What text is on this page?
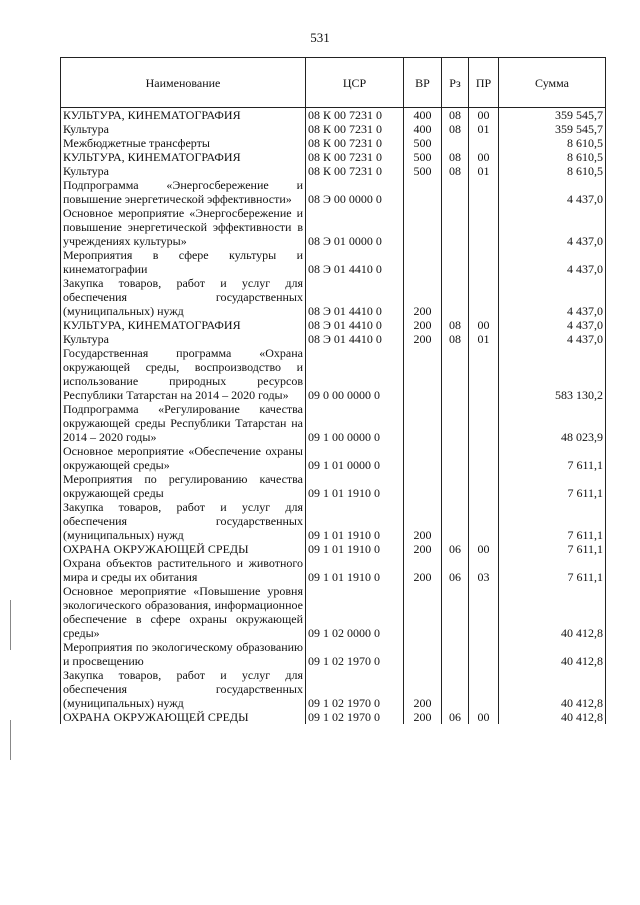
531
Наименование	ЦСР	ВР	Рз	ПР	Сумма
КУЛЬТУРА, КИНЕМАТОГРАФИЯ	08 К 00 7231 0	400	08	00	359 545,7
Культура	08 К 00 7231 0	400	08	01	359 545,7
Межбюджетные трансферты	08 К 00 7231 0	500			8 610,5
КУЛЬТУРА, КИНЕМАТОГРАФИЯ	08 К 00 7231 0	500	08	00	8 610,5
Культура	08 К 00 7231 0	500	08	01	8 610,5
Подпрограмма «Энергосбережение и повышение энергетической эффективности»	08 Э 00 0000 0				4 437,0
Основное мероприятие «Энергосбережение и повышение энергетической эффективности в учреждениях культуры»	08 Э 01 0000 0				4 437,0
Мероприятия в сфере культуры и кинематографии	08 Э 01 4410 0				4 437,0
Закупка товаров, работ и услуг для обеспечения государственных (муниципальных) нужд	08 Э 01 4410 0	200			4 437,0
КУЛЬТУРА, КИНЕМАТОГРАФИЯ	08 Э 01 4410 0	200	08	00	4 437,0
Культура	08 Э 01 4410 0	200	08	01	4 437,0
Государственная программа «Охрана окружающей среды, воспроизводство и использование природных ресурсов Республики Татарстан на 2014 – 2020 годы»	09 0 00 0000 0				583 130,2
Подпрограмма «Регулирование качества окружающей среды Республики Татарстан на 2014 – 2020 годы»	09 1 00 0000 0				48 023,9
Основное мероприятие «Обеспечение охраны окружающей среды»	09 1 01 0000 0				7 611,1
Мероприятия по регулированию качества окружающей среды	09 1 01 1910 0				7 611,1
Закупка товаров, работ и услуг для обеспечения государственных (муниципальных) нужд	09 1 01 1910 0	200			7 611,1
ОХРАНА ОКРУЖАЮЩЕЙ СРЕДЫ	09 1 01 1910 0	200	06	00	7 611,1
Охрана объектов растительного и животного мира и среды их обитания	09 1 01 1910 0	200	06	03	7 611,1
Основное мероприятие «Повышение уровня экологического образования, информационное обеспечение в сфере охраны окружающей среды»	09 1 02 0000 0				40 412,8
Мероприятия по экологическому образованию и просвещению	09 1 02 1970 0				40 412,8
Закупка товаров, работ и услуг для обеспечения государственных (муниципальных) нужд	09 1 02 1970 0	200			40 412,8
ОХРАНА ОКРУЖАЮЩЕЙ СРЕДЫ	09 1 02 1970 0	200	06	00	40 412,8
